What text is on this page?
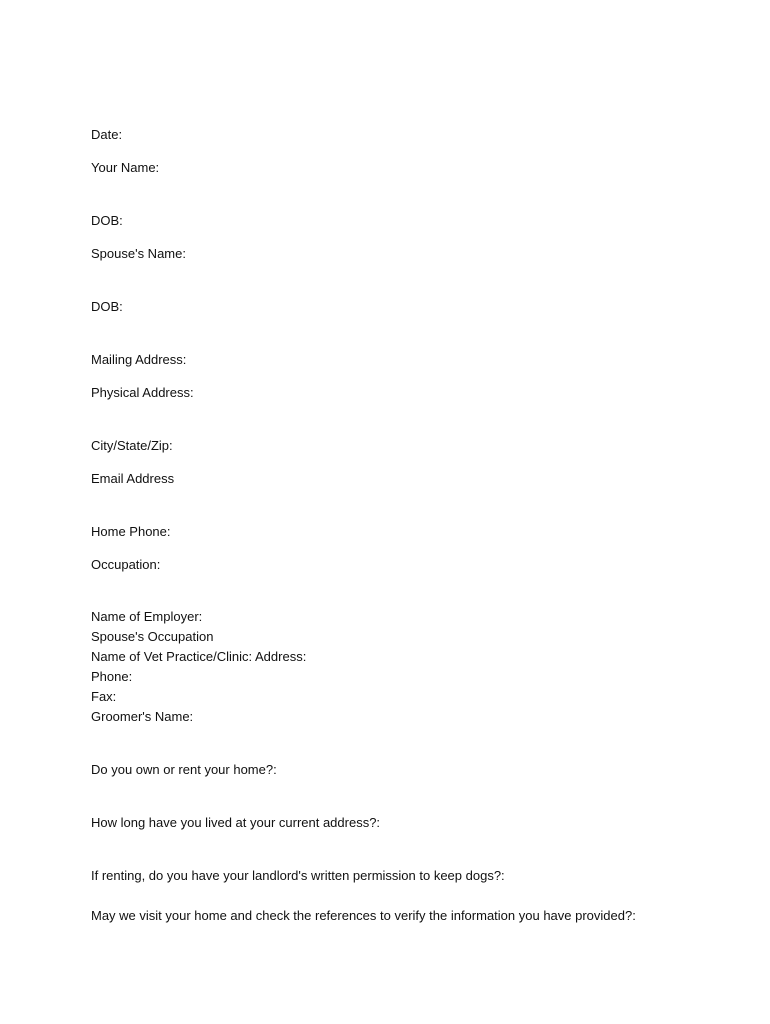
Date:
Your Name:
DOB:
Spouse's Name:
DOB:
Mailing Address:
Physical Address:
City/State/Zip:
Email Address
Home Phone:
Occupation:
Name of Employer:
Spouse's Occupation
Name of Vet Practice/Clinic: Address:
Phone:
Fax:
Groomer's Name:
Do you own or rent your home?:
How long have you lived at your current address?:
If renting, do you have your landlord's written permission to keep dogs?:
May we visit your home and check the references to verify the information you have provided?:
